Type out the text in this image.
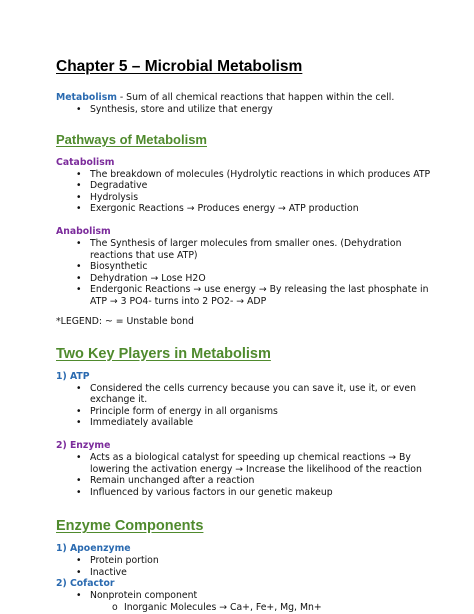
Chapter 5 – Microbial Metabolism
Metabolism - Sum of all chemical reactions that happen within the cell.
• Synthesis, store and utilize that energy
Pathways of Metabolism
Catabolism
• The breakdown of molecules (Hydrolytic reactions in which produces ATP
• Degradative
• Hydrolysis
• Exergonic Reactions → Produces energy → ATP production
Anabolism
• The Synthesis of larger molecules from smaller ones. (Dehydration reactions that use ATP)
• Biosynthetic
• Dehydration → Lose H2O
• Endergonic Reactions → use energy → By releasing the last phosphate in ATP → 3 PO4- turns into 2 PO2- → ADP
*LEGEND: ~ = Unstable bond
Two Key Players in Metabolism
1) ATP
• Considered the cells currency because you can save it, use it, or even exchange it.
• Principle form of energy in all organisms
• Immediately available
2) Enzyme
• Acts as a biological catalyst for speeding up chemical reactions → By lowering the activation energy → Increase the likelihood of the reaction
• Remain unchanged after a reaction
• Influenced by various factors in our genetic makeup
Enzyme Components
1) Apoenzyme
• Protein portion
• Inactive
2) Cofactor
• Nonprotein component
o Inorganic Molecules → Ca+, Fe+, Mg, Mn+
